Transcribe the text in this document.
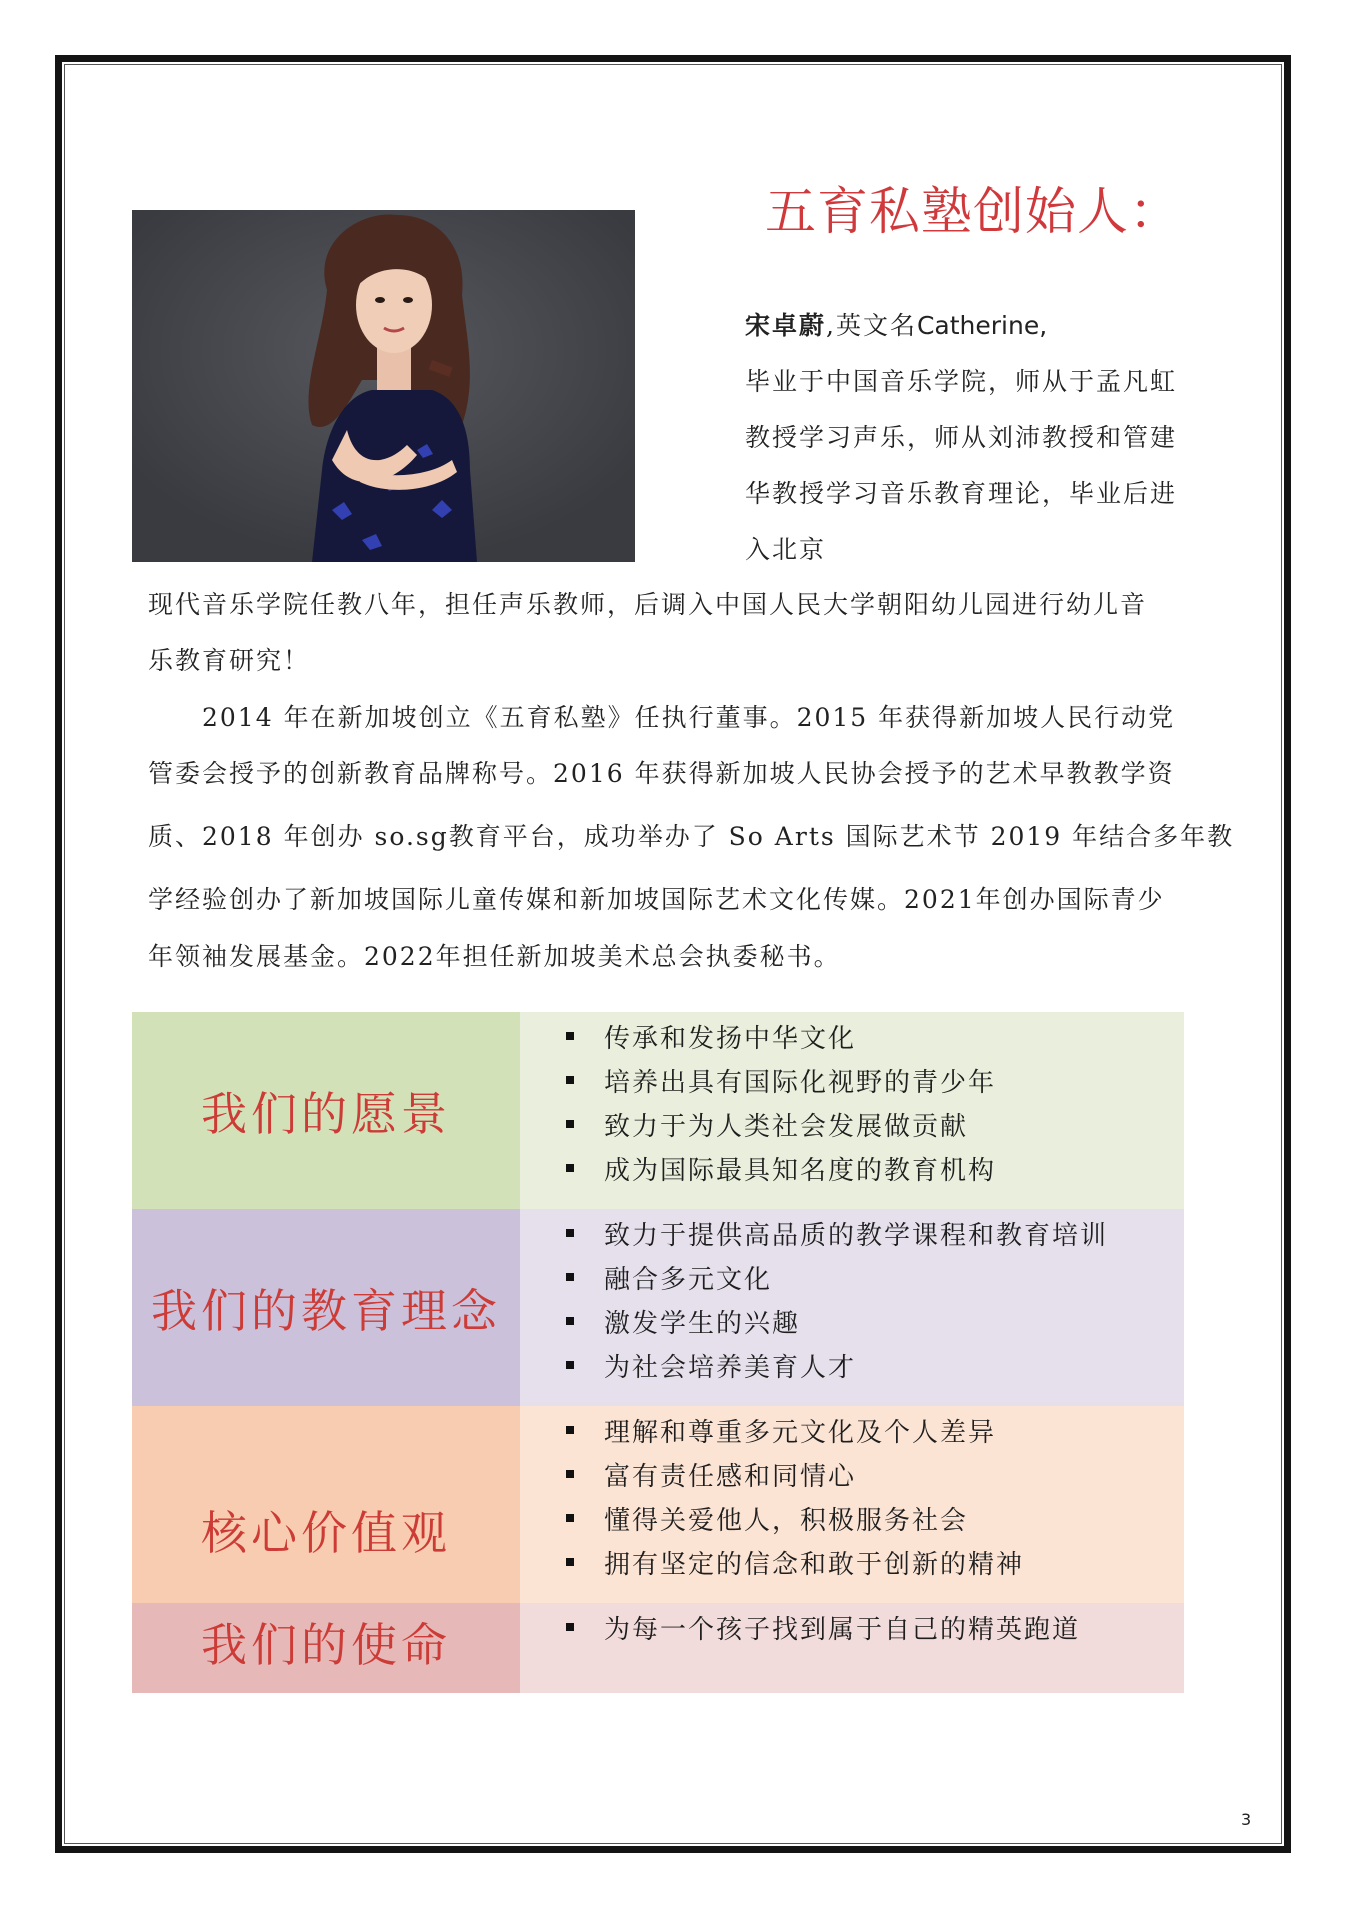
五育私塾创始人：
宋卓蔚,英文名Catherine,
毕业于中国音乐学院，师从于孟凡虹
教授学习声乐，师从刘沛教授和管建
华教授学习音乐教育理论，毕业后进
入北京
现代音乐学院任教八年，担任声乐教师，后调入中国人民大学朝阳幼儿园进行幼儿音
乐教育研究！
　　2014 年在新加坡创立《五育私塾》任执行董事。2015 年获得新加坡人民行动党
管委会授予的创新教育品牌称号。2016 年获得新加坡人民协会授予的艺术早教教学资
质、2018 年创办 so.sg教育平台，成功举办了 So Arts 国际艺术节 2019 年结合多年教
学经验创办了新加坡国际儿童传媒和新加坡国际艺术文化传媒。2021年创办国际青少
年领袖发展基金。2022年担任新加坡美术总会执委秘书。
我们的愿景
传承和发扬中华文化
培养出具有国际化视野的青少年
致力于为人类社会发展做贡献
成为国际最具知名度的教育机构
我们的教育理念
致力于提供高品质的教学课程和教育培训
融合多元文化
激发学生的兴趣
为社会培养美育人才
核心价值观
理解和尊重多元文化及个人差异
富有责任感和同情心
懂得关爱他人，积极服务社会
拥有坚定的信念和敢于创新的精神
我们的使命	为每一个孩子找到属于自己的精英跑道
3
